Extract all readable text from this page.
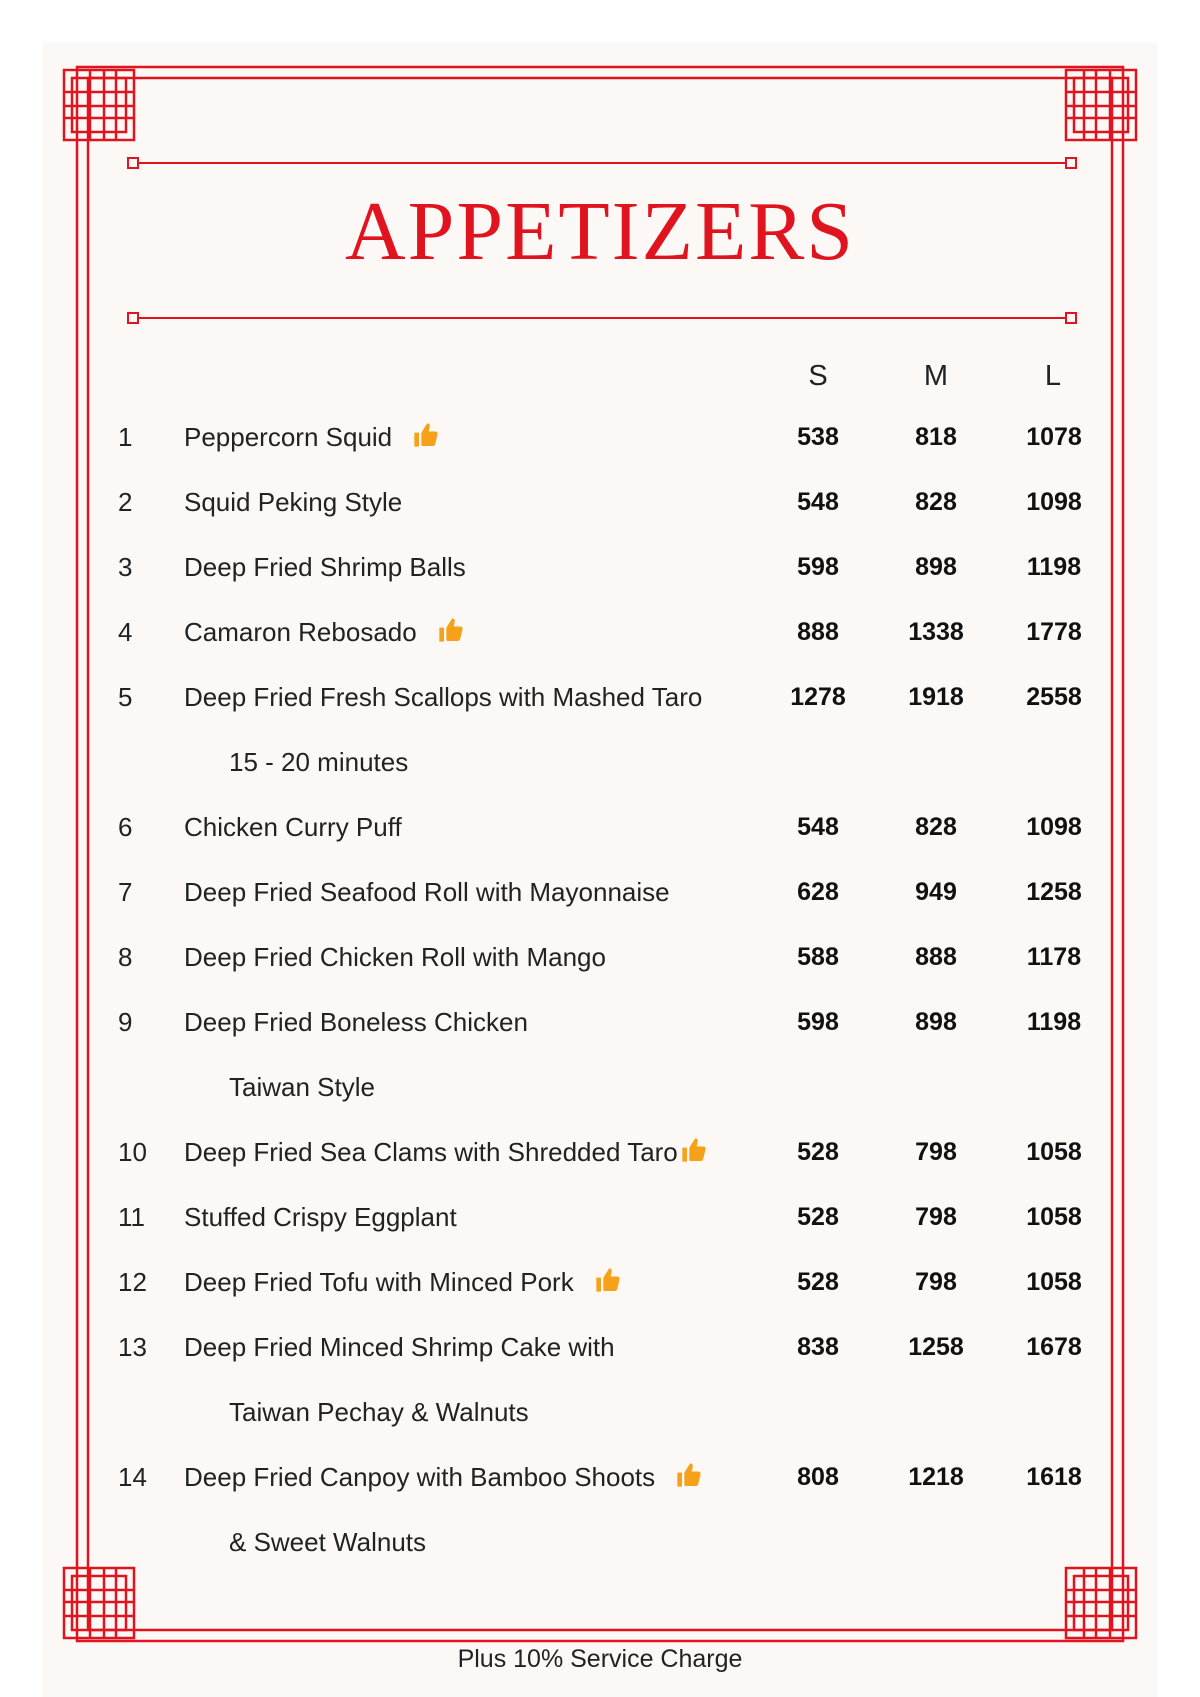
APPETIZERS
S	M	L
1 Peppercorn Squid	538	818	1078
2 Squid Peking Style	548	828	1098
3 Deep Fried Shrimp Balls	598	898	1198
4 Camaron Rebosado	888	1338	1778
5 Deep Fried Fresh Scallops with Mashed Taro	1278	1918	2558
15 - 20 minutes
6 Chicken Curry Puff	548	828	1098
7 Deep Fried Seafood Roll with Mayonnaise	628	949	1258
8 Deep Fried Chicken Roll with Mango	588	888	1178
9 Deep Fried Boneless Chicken	598	898	1198
Taiwan Style
10 Deep Fried Sea Clams with Shredded Taro	528	798	1058
11 Stuffed Crispy Eggplant	528	798	1058
12 Deep Fried Tofu with Minced Pork	528	798	1058
13 Deep Fried Minced Shrimp Cake with	838	1258	1678
Taiwan Pechay & Walnuts
14 Deep Fried Canpoy with Bamboo Shoots	808	1218	1618
& Sweet Walnuts
Plus 10% Service Charge
